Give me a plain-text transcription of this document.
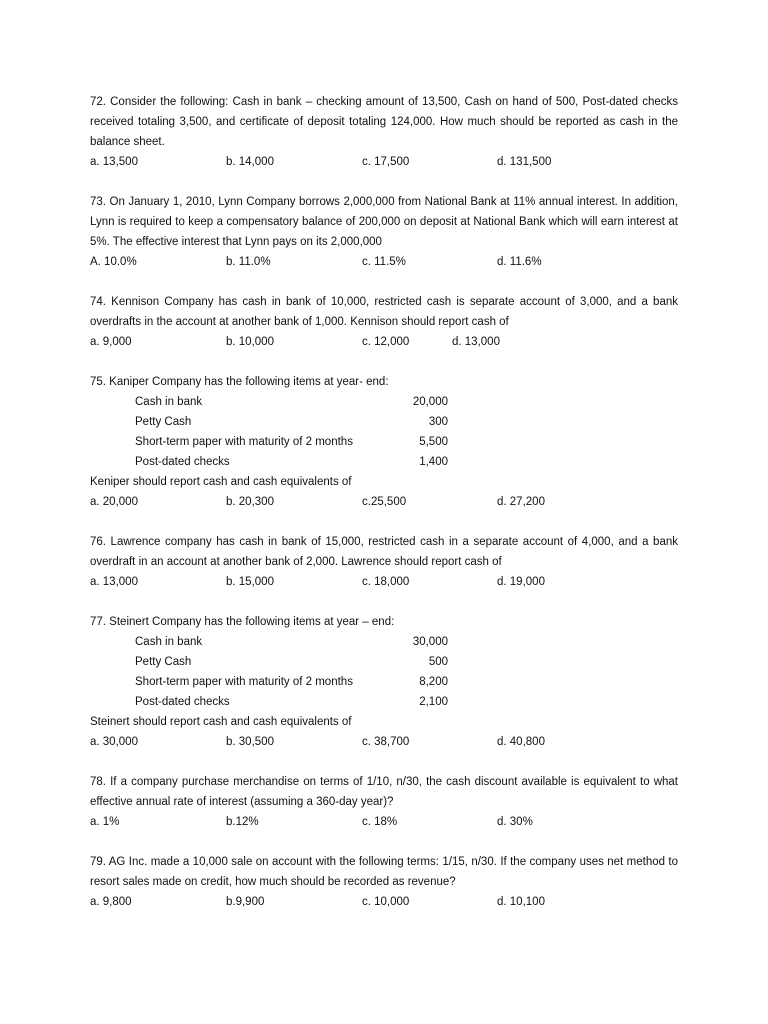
72. Consider the following: Cash in bank – checking amount of 13,500, Cash on hand of 500, Post-dated checks received totaling 3,500, and certificate of deposit totaling 124,000. How much should be reported as cash in the balance sheet.
a. 13,500	b. 14,000	c. 17,500	d. 131,500
73. On January 1, 2010, Lynn Company borrows 2,000,000 from National Bank at 11% annual interest. In addition, Lynn is required to keep a compensatory balance of 200,000 on deposit at National Bank which will earn interest at 5%. The effective interest that Lynn pays on its 2,000,000
A. 10.0%	b. 11.0%	c. 11.5%	d. 11.6%
74. Kennison Company has cash in bank of 10,000, restricted cash is separate account of 3,000, and a bank overdrafts in the account at another bank of 1,000. Kennison should report cash of
a. 9,000	b. 10,000	c. 12,000	d. 13,000
75. Kaniper Company has the following items at year- end:
Cash in bank	20,000
Petty Cash	300
Short-term paper with maturity of 2 months	5,500
Post-dated checks	1,400
Keniper should report cash and cash equivalents of
a. 20,000	b. 20,300	c.25,500	d. 27,200
76. Lawrence company has cash in bank of 15,000, restricted cash in a separate account of 4,000, and a bank overdraft in an account at another bank of 2,000. Lawrence should report cash of
a. 13,000	b. 15,000	c. 18,000	d. 19,000
77. Steinert Company has the following items at year – end:
Cash in bank	30,000
Petty Cash	500
Short-term paper with maturity of 2 months	8,200
Post-dated checks	2,100
Steinert should report cash and cash equivalents of
a. 30,000	b. 30,500	c. 38,700	d. 40,800
78. If a company purchase merchandise on terms of 1/10, n/30, the cash discount available is equivalent to what effective annual rate of interest (assuming a 360-day year)?
a. 1%	b.12%	c. 18%	d. 30%
79. AG Inc. made a 10,000 sale on account with the following terms: 1/15, n/30. If the company uses net method to resort sales made on credit, how much should be recorded as revenue?
a. 9,800	b.9,900	c. 10,000	d. 10,100
